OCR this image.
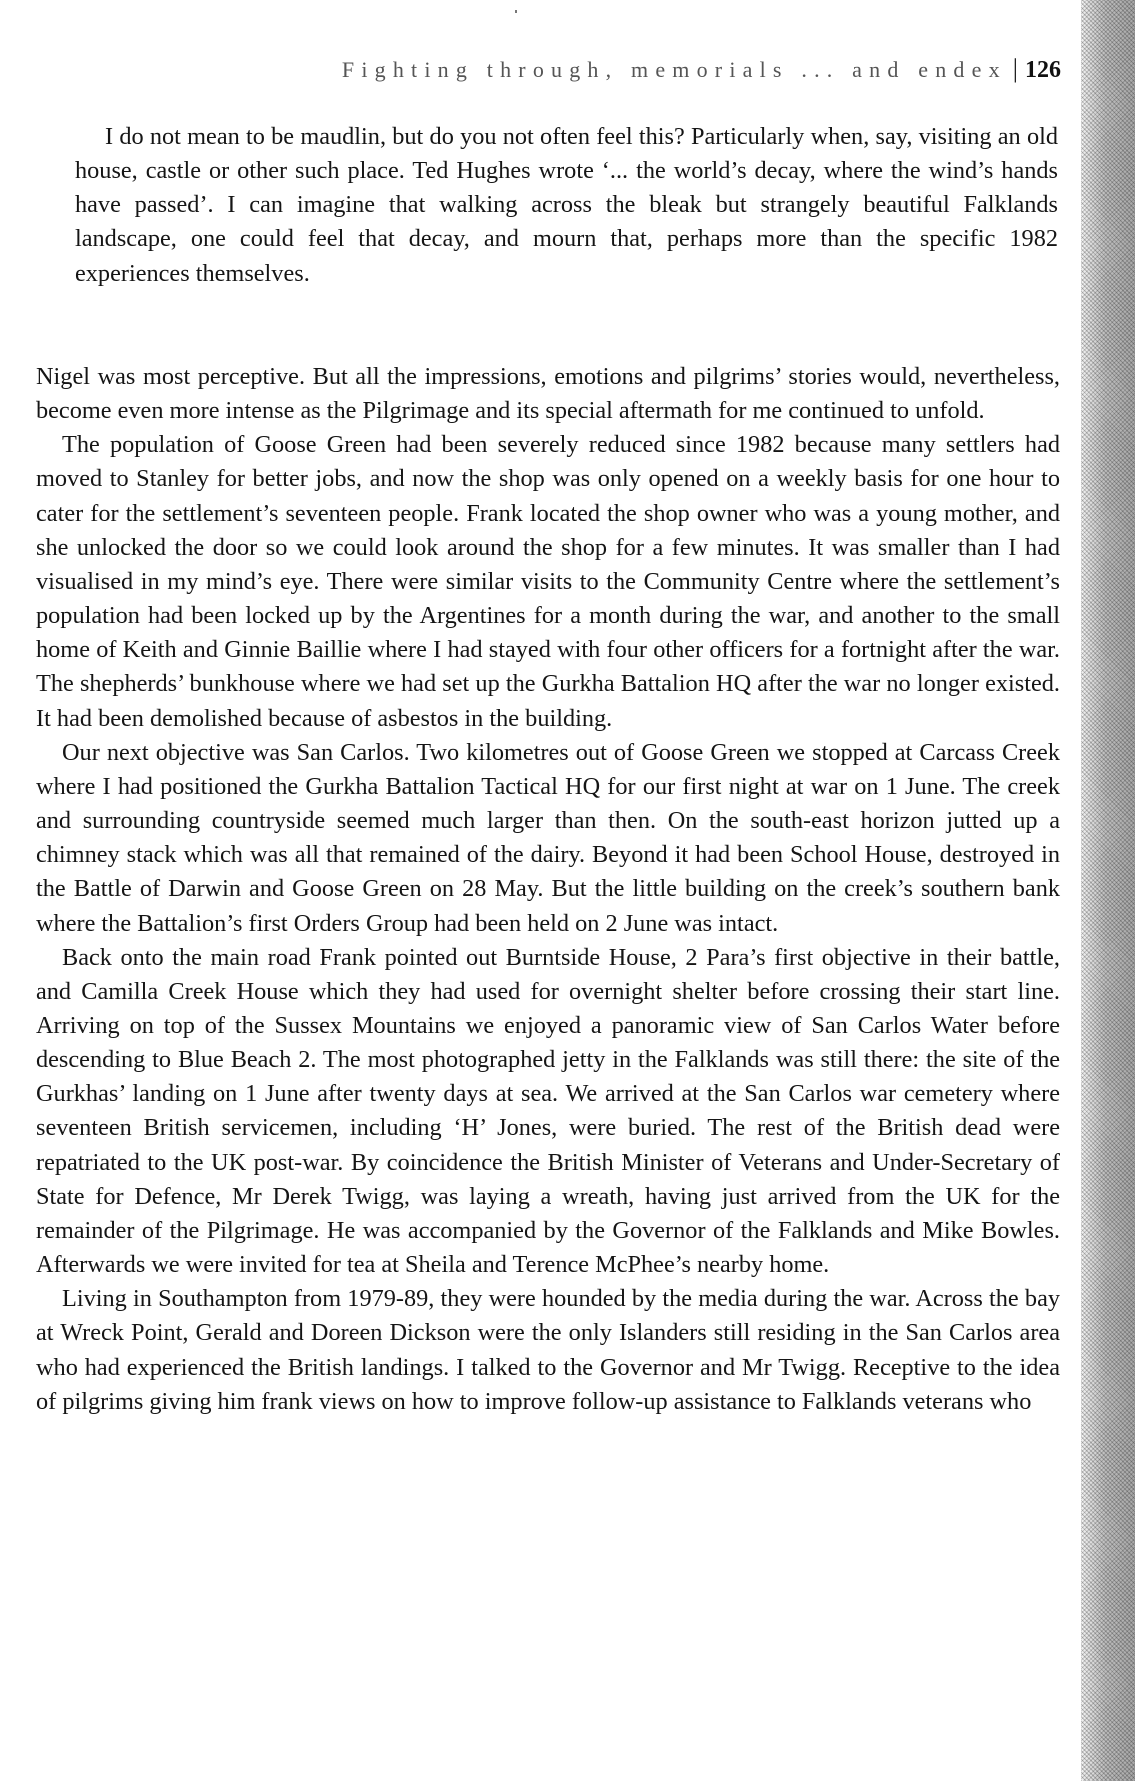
Fighting through, memorials ... and endex | 126

I do not mean to be maudlin, but do you not often feel this? Particularly when, say, visiting an old house, castle or other such place. Ted Hughes wrote ‘... the world’s decay, where the wind’s hands have passed’. I can imagine that walking across the bleak but strangely beautiful Falklands landscape, one could feel that decay, and mourn that, perhaps more than the specific 1982 experiences themselves.

Nigel was most perceptive. But all the impressions, emotions and pilgrims’ stories would, nevertheless, become even more intense as the Pilgrimage and its special aftermath for me continued to unfold.

The population of Goose Green had been severely reduced since 1982 because many settlers had moved to Stanley for better jobs, and now the shop was only opened on a weekly basis for one hour to cater for the settlement’s seventeen people. Frank located the shop owner who was a young mother, and she unlocked the door so we could look around the shop for a few minutes. It was smaller than I had visualised in my mind’s eye. There were similar visits to the Community Centre where the settlement’s population had been locked up by the Argentines for a month during the war, and another to the small home of Keith and Ginnie Baillie where I had stayed with four other officers for a fortnight after the war. The shepherds’ bunkhouse where we had set up the Gurkha Battalion HQ after the war no longer existed. It had been demolished because of asbestos in the building.

Our next objective was San Carlos. Two kilometres out of Goose Green we stopped at Carcass Creek where I had positioned the Gurkha Battalion Tactical HQ for our first night at war on 1 June. The creek and surrounding countryside seemed much larger than then. On the south-east horizon jutted up a chimney stack which was all that remained of the dairy. Beyond it had been School House, destroyed in the Battle of Darwin and Goose Green on 28 May. But the little building on the creek’s southern bank where the Battalion’s first Orders Group had been held on 2 June was intact.

Back onto the main road Frank pointed out Burntside House, 2 Para’s first objective in their battle, and Camilla Creek House which they had used for overnight shelter before crossing their start line. Arriving on top of the Sussex Mountains we enjoyed a panoramic view of San Carlos Water before descending to Blue Beach 2. The most photographed jetty in the Falklands was still there: the site of the Gurkhas’ landing on 1 June after twenty days at sea. We arrived at the San Carlos war cemetery where seventeen British servicemen, including ‘H’ Jones, were buried. The rest of the British dead were repatriated to the UK post-war. By coincidence the British Minister of Veterans and Under-Secretary of State for Defence, Mr Derek Twigg, was laying a wreath, having just arrived from the UK for the remainder of the Pilgrimage. He was accompanied by the Governor of the Falklands and Mike Bowles. Afterwards we were invited for tea at Sheila and Terence McPhee’s nearby home.

Living in Southampton from 1979-89, they were hounded by the media during the war. Across the bay at Wreck Point, Gerald and Doreen Dickson were the only Islanders still residing in the San Carlos area who had experienced the British landings. I talked to the Governor and Mr Twigg. Receptive to the idea of pilgrims giving him frank views on how to improve follow-up assistance to Falklands veterans who
